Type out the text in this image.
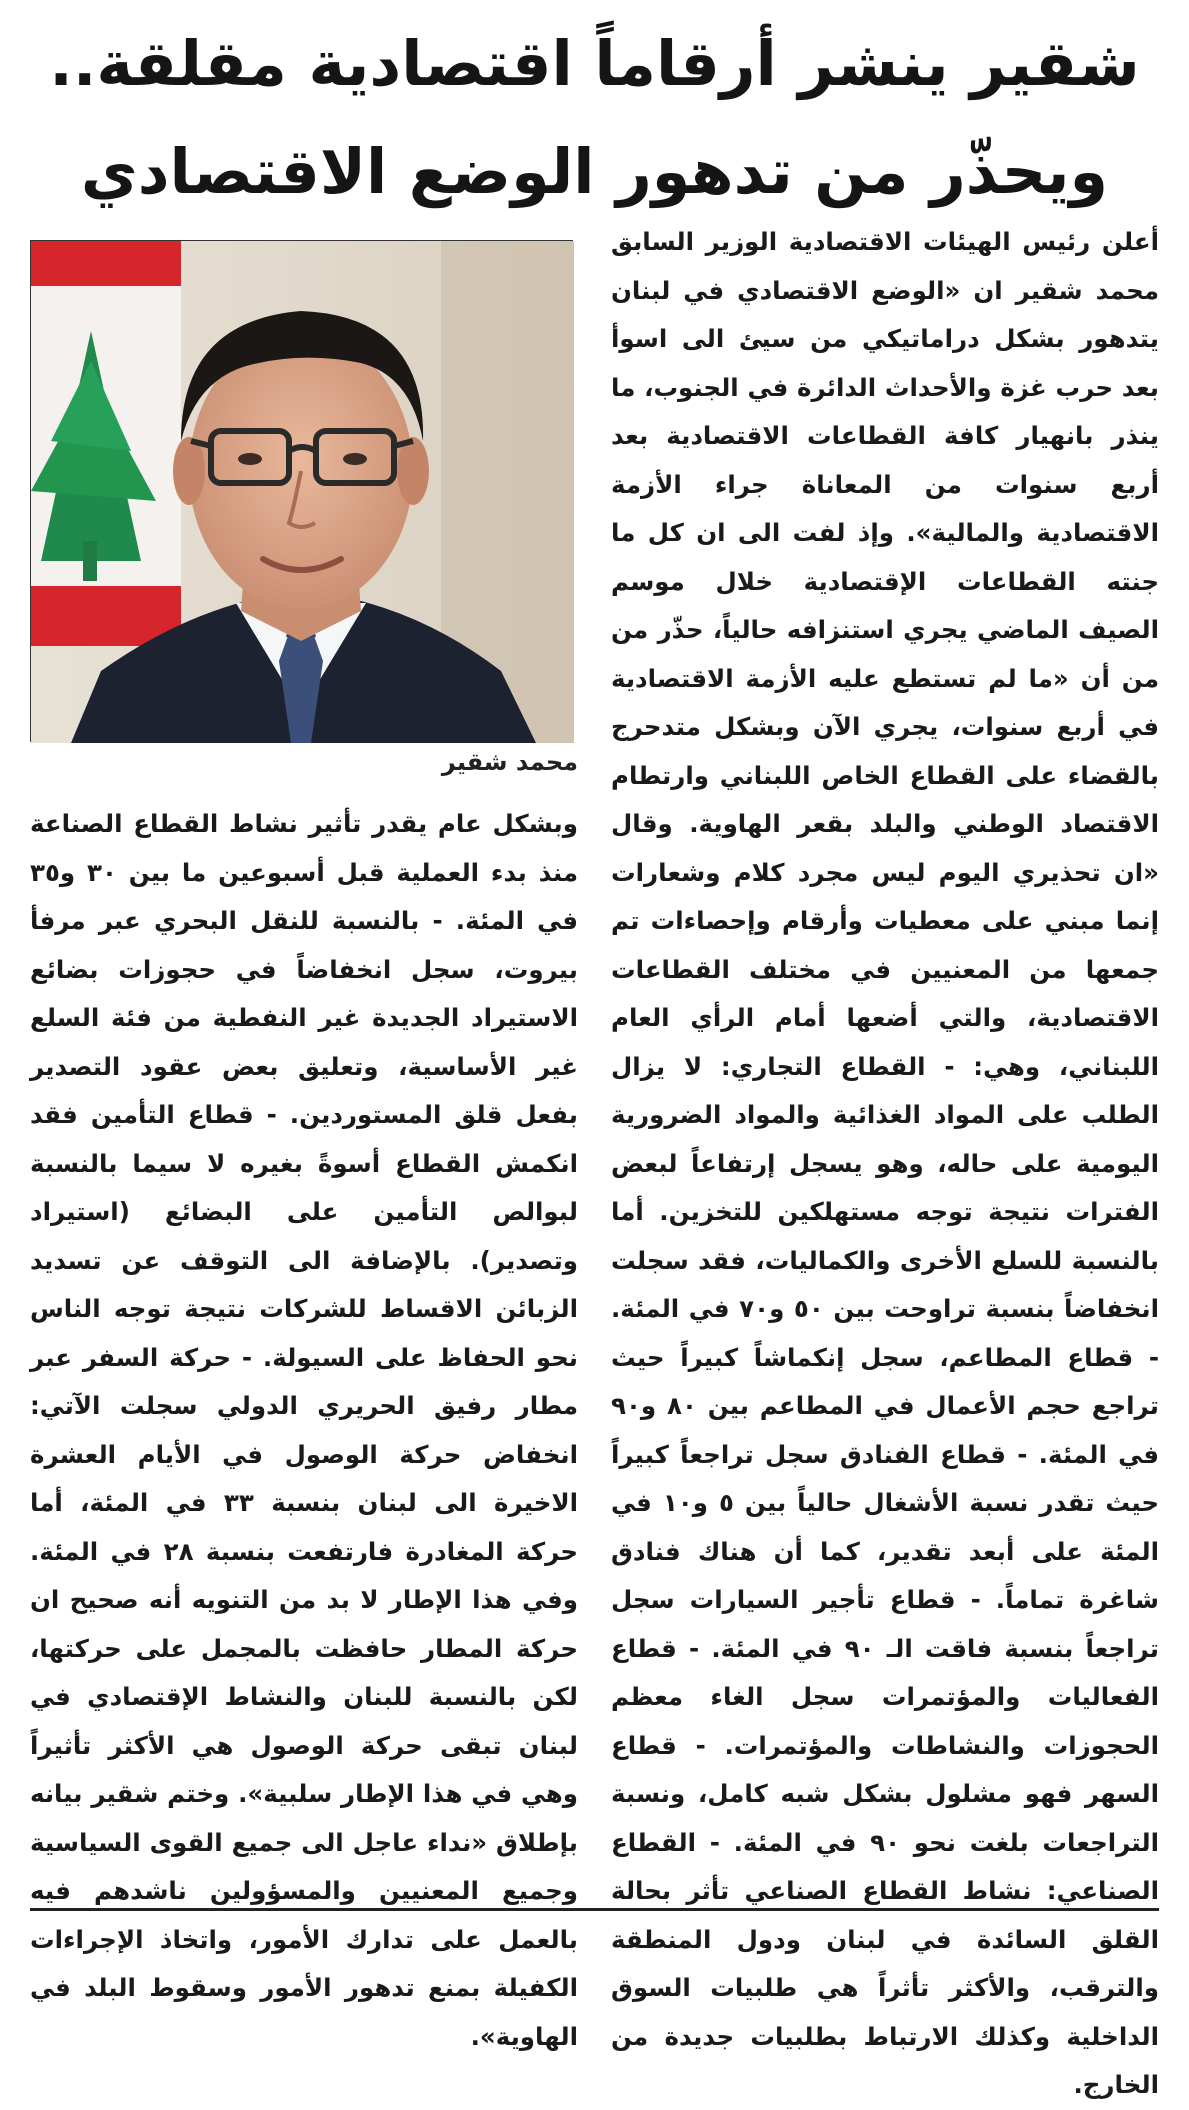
شقير ينشر أرقاماً اقتصادية مقلقة..
ويحذّر من تدهور الوضع الاقتصادي
أعلن رئيس الهيئات الاقتصادية الوزير السابق محمد شقير ان «الوضع الاقتصادي في لبنان يتدهور بشكل دراماتيكي من سيئ الى اسوأ بعد حرب غزة والأحداث الدائرة في الجنوب، ما ينذر بانهيار كافة القطاعات الاقتصادية بعد أربع سنوات من المعاناة جراء الأزمة الاقتصادية والمالية». وإذ لفت الى ان كل ما جنته القطاعات الإقتصادية خلال موسم الصيف الماضي يجري استنزافه حالياً، حذّر من من أن «ما لم تستطع عليه الأزمة الاقتصادية في أربع سنوات، يجري الآن وبشكل متدحرج بالقضاء على القطاع الخاص اللبناني وارتطام الاقتصاد الوطني والبلد بقعر الهاوية. وقال «ان تحذيري اليوم ليس مجرد كلام وشعارات إنما مبني على معطيات وأرقام وإحصاءات تم جمعها من المعنيين في مختلف القطاعات الاقتصادية، والتي أضعها أمام الرأي العام اللبناني، وهي: - القطاع التجاري: لا يزال الطلب على المواد الغذائية والمواد الضرورية اليومية على حاله، وهو يسجل إرتفاعاً لبعض الفترات نتيجة توجه مستهلكين للتخزين. أما بالنسبة للسلع الأخرى والكماليات، فقد سجلت انخفاضاً بنسبة تراوحت بين ٥٠ و٧٠ في المئة. - قطاع المطاعم، سجل إنكماشاً كبيراً حيث تراجع حجم الأعمال في المطاعم بين ٨٠ و٩٠ في المئة. - قطاع الفنادق سجل تراجعاً كبيراً حيث تقدر نسبة الأشغال حالياً بين ٥ و١٠ في المئة على أبعد تقدير، كما أن هناك فنادق شاغرة تماماً. - قطاع تأجير السيارات سجل تراجعاً بنسبة فاقت الـ ٩٠ في المئة. - قطاع الفعاليات والمؤتمرات سجل الغاء معظم الحجوزات والنشاطات والمؤتمرات. - قطاع السهر فهو مشلول بشكل شبه كامل، ونسبة التراجعات بلغت نحو ٩٠ في المئة. - القطاع الصناعي: نشاط القطاع الصناعي تأثر بحالة القلق السائدة في لبنان ودول المنطقة والترقب، والأكثر تأثراً هي طلبيات السوق الداخلية وكذلك الارتباط بطلبيات جديدة من الخارج.
محمد شقير
وبشكل عام يقدر تأثير نشاط القطاع الصناعة منذ بدء العملية قبل أسبوعين ما بين ٣٠ و٣٥ في المئة. - بالنسبة للنقل البحري عبر مرفأ بيروت، سجل انخفاضاً في حجوزات بضائع الاستيراد الجديدة غير النفطية من فئة السلع غير الأساسية، وتعليق بعض عقود التصدير بفعل قلق المستوردين. - قطاع التأمين فقد انكمش القطاع أسوةً بغيره لا سيما بالنسبة لبوالص التأمين على البضائع (استيراد وتصدير). بالإضافة الى التوقف عن تسديد الزبائن الاقساط للشركات نتيجة توجه الناس نحو الحفاظ على السيولة. - حركة السفر عبر مطار رفيق الحريري الدولي سجلت الآتي: انخفاض حركة الوصول في الأيام العشرة الاخيرة الى لبنان بنسبة ٣٣ في المئة، أما حركة المغادرة فارتفعت بنسبة ٢٨ في المئة. وفي هذا الإطار لا بد من التنويه أنه صحيح ان حركة المطار حافظت بالمجمل على حركتها، لكن بالنسبة للبنان والنشاط الإقتصادي في لبنان تبقى حركة الوصول هي الأكثر تأثيراً وهي في هذا الإطار سلبية». وختم شقير بيانه بإطلاق «نداء عاجل الى جميع القوى السياسية وجميع المعنيين والمسؤولين ناشدهم فيه بالعمل على تدارك الأمور، واتخاذ الإجراءات الكفيلة بمنع تدهور الأمور وسقوط البلد في الهاوية».
